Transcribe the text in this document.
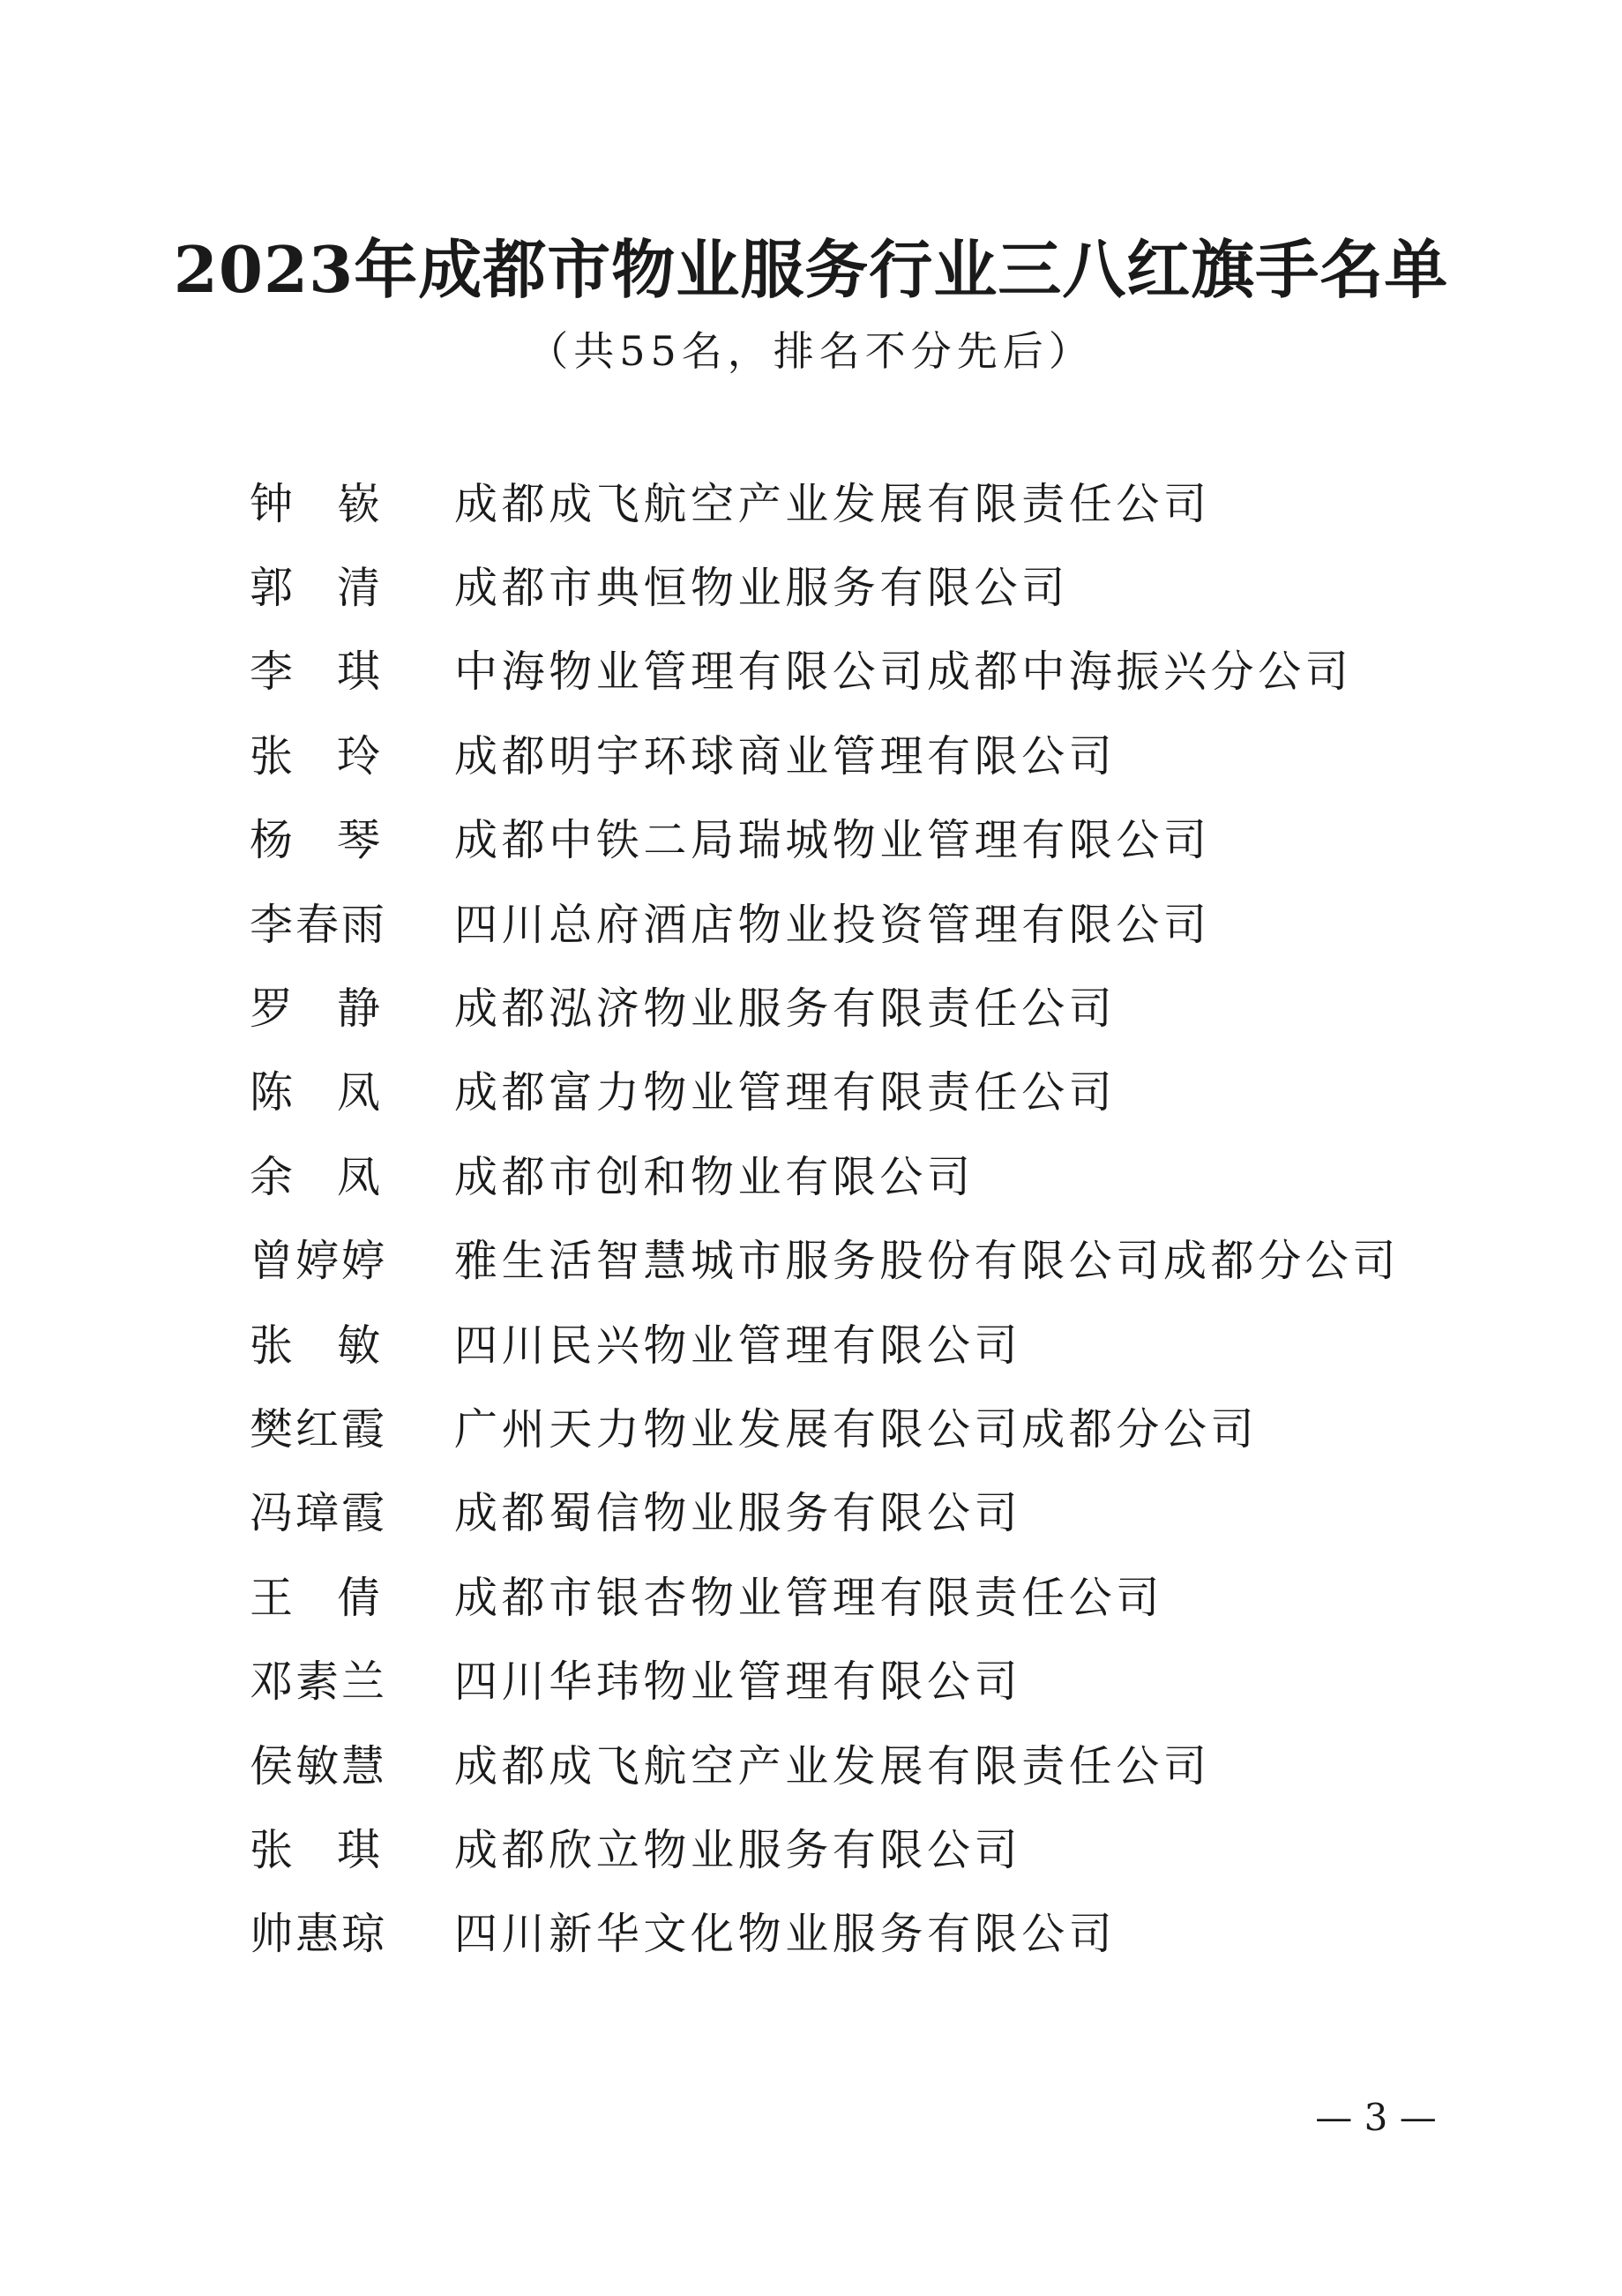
2023年成都市物业服务行业三八红旗手名单
（共55名，排名不分先后）
钟 嵚 成都成飞航空产业发展有限责任公司
郭 清 成都市典恒物业服务有限公司
李 琪 中海物业管理有限公司成都中海振兴分公司
张 玲 成都明宇环球商业管理有限公司
杨 琴 成都中铁二局瑞城物业管理有限公司
李春雨	四川总府酒店物业投资管理有限公司
罗 静 成都泓济物业服务有限责任公司
陈 凤 成都富力物业管理有限责任公司
余 凤 成都市创和物业有限公司
曾婷婷	雅生活智慧城市服务股份有限公司成都分公司
张 敏 四川民兴物业管理有限公司
樊红霞	广州天力物业发展有限公司成都分公司
冯璋霞	成都蜀信物业服务有限公司
王 倩 成都市银杏物业管理有限责任公司
邓素兰	四川华玮物业管理有限公司
侯敏慧	成都成飞航空产业发展有限责任公司
张 琪 成都欣立物业服务有限公司
帅惠琼	四川新华文化物业服务有限公司
— 3 —
